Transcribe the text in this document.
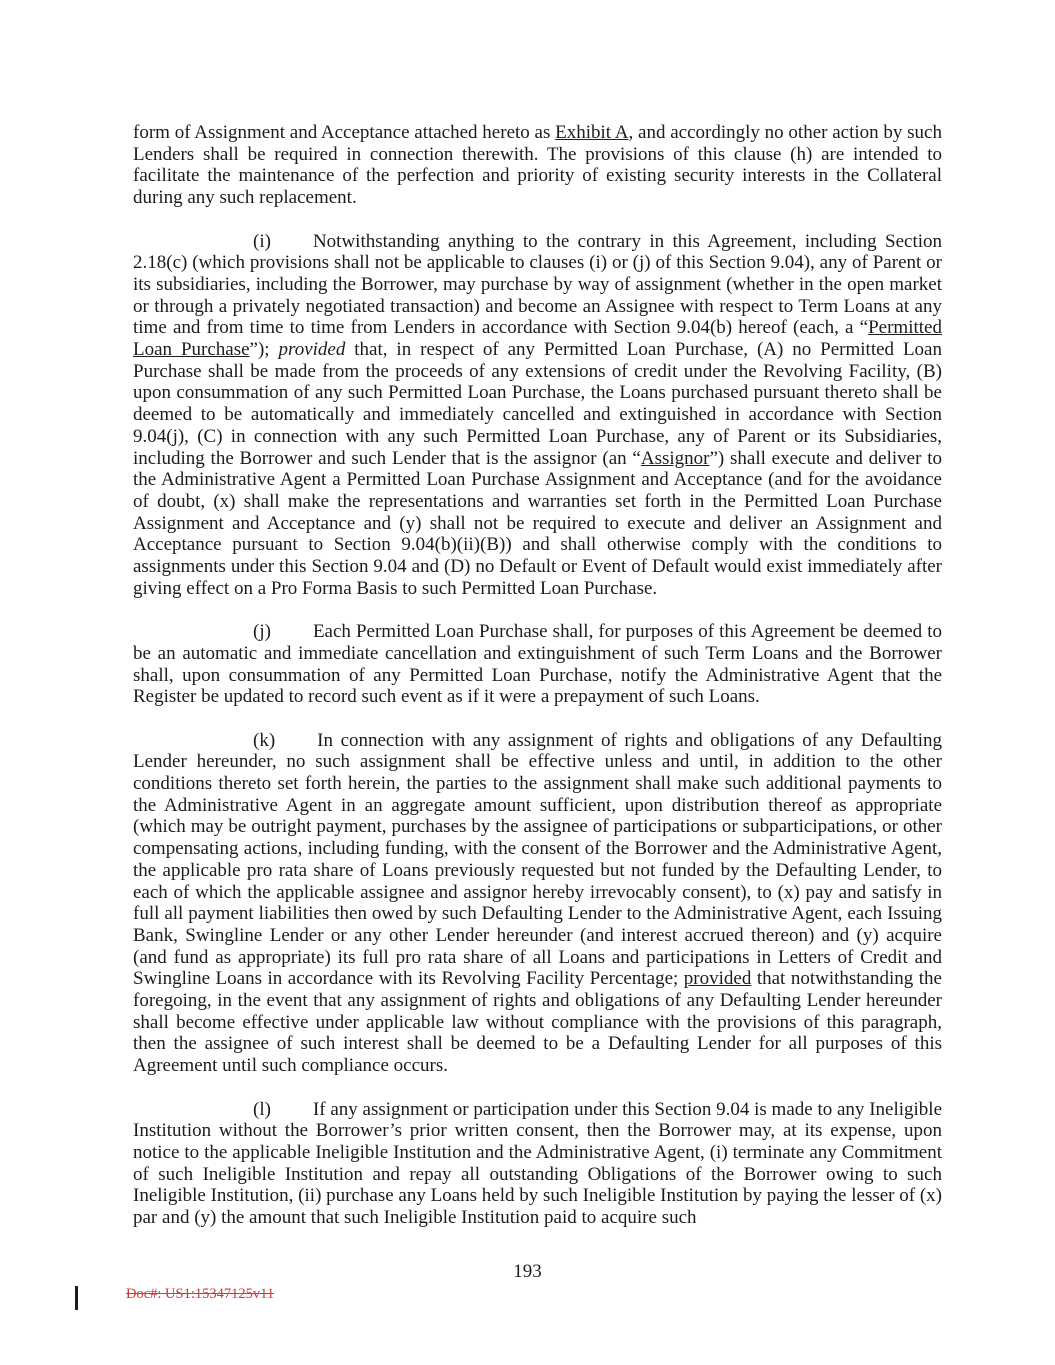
form of Assignment and Acceptance attached hereto as Exhibit A, and accordingly no other action by such Lenders shall be required in connection therewith. The provisions of this clause (h) are intended to facilitate the maintenance of the perfection and priority of existing security interests in the Collateral during any such replacement.

(i) Notwithstanding anything to the contrary in this Agreement, including Section 2.18(c) (which provisions shall not be applicable to clauses (i) or (j) of this Section 9.04), any of Parent or its subsidiaries, including the Borrower, may purchase by way of assignment (whether in the open market or through a privately negotiated transaction) and become an Assignee with respect to Term Loans at any time and from time to time from Lenders in accordance with Section 9.04(b) hereof (each, a “Permitted Loan Purchase”); provided that, in respect of any Permitted Loan Purchase, (A) no Permitted Loan Purchase shall be made from the proceeds of any extensions of credit under the Revolving Facility, (B) upon consummation of any such Permitted Loan Purchase, the Loans purchased pursuant thereto shall be deemed to be automatically and immediately cancelled and extinguished in accordance with Section 9.04(j), (C) in connection with any such Permitted Loan Purchase, any of Parent or its Subsidiaries, including the Borrower and such Lender that is the assignor (an “Assignor”) shall execute and deliver to the Administrative Agent a Permitted Loan Purchase Assignment and Acceptance (and for the avoidance of doubt, (x) shall make the representations and warranties set forth in the Permitted Loan Purchase Assignment and Acceptance and (y) shall not be required to execute and deliver an Assignment and Acceptance pursuant to Section 9.04(b)(ii)(B)) and shall otherwise comply with the conditions to assignments under this Section 9.04 and (D) no Default or Event of Default would exist immediately after giving effect on a Pro Forma Basis to such Permitted Loan Purchase.

(j) Each Permitted Loan Purchase shall, for purposes of this Agreement be deemed to be an automatic and immediate cancellation and extinguishment of such Term Loans and the Borrower shall, upon consummation of any Permitted Loan Purchase, notify the Administrative Agent that the Register be updated to record such event as if it were a prepayment of such Loans.

(k) In connection with any assignment of rights and obligations of any Defaulting Lender hereunder, no such assignment shall be effective unless and until, in addition to the other conditions thereto set forth herein, the parties to the assignment shall make such additional payments to the Administrative Agent in an aggregate amount sufficient, upon distribution thereof as appropriate (which may be outright payment, purchases by the assignee of participations or subparticipations, or other compensating actions, including funding, with the consent of the Borrower and the Administrative Agent, the applicable pro rata share of Loans previously requested but not funded by the Defaulting Lender, to each of which the applicable assignee and assignor hereby irrevocably consent), to (x) pay and satisfy in full all payment liabilities then owed by such Defaulting Lender to the Administrative Agent, each Issuing Bank, Swingline Lender or any other Lender hereunder (and interest accrued thereon) and (y) acquire (and fund as appropriate) its full pro rata share of all Loans and participations in Letters of Credit and Swingline Loans in accordance with its Revolving Facility Percentage; provided that notwithstanding the foregoing, in the event that any assignment of rights and obligations of any Defaulting Lender hereunder shall become effective under applicable law without compliance with the provisions of this paragraph, then the assignee of such interest shall be deemed to be a Defaulting Lender for all purposes of this Agreement until such compliance occurs.

(l) If any assignment or participation under this Section 9.04 is made to any Ineligible Institution without the Borrower’s prior written consent, then the Borrower may, at its expense, upon notice to the applicable Ineligible Institution and the Administrative Agent, (i) terminate any Commitment of such Ineligible Institution and repay all outstanding Obligations of the Borrower owing to such Ineligible Institution, (ii) purchase any Loans held by such Ineligible Institution by paying the lesser of (x) par and (y) the amount that such Ineligible Institution paid to acquire such

193
Doc#: US1:15347125v11
